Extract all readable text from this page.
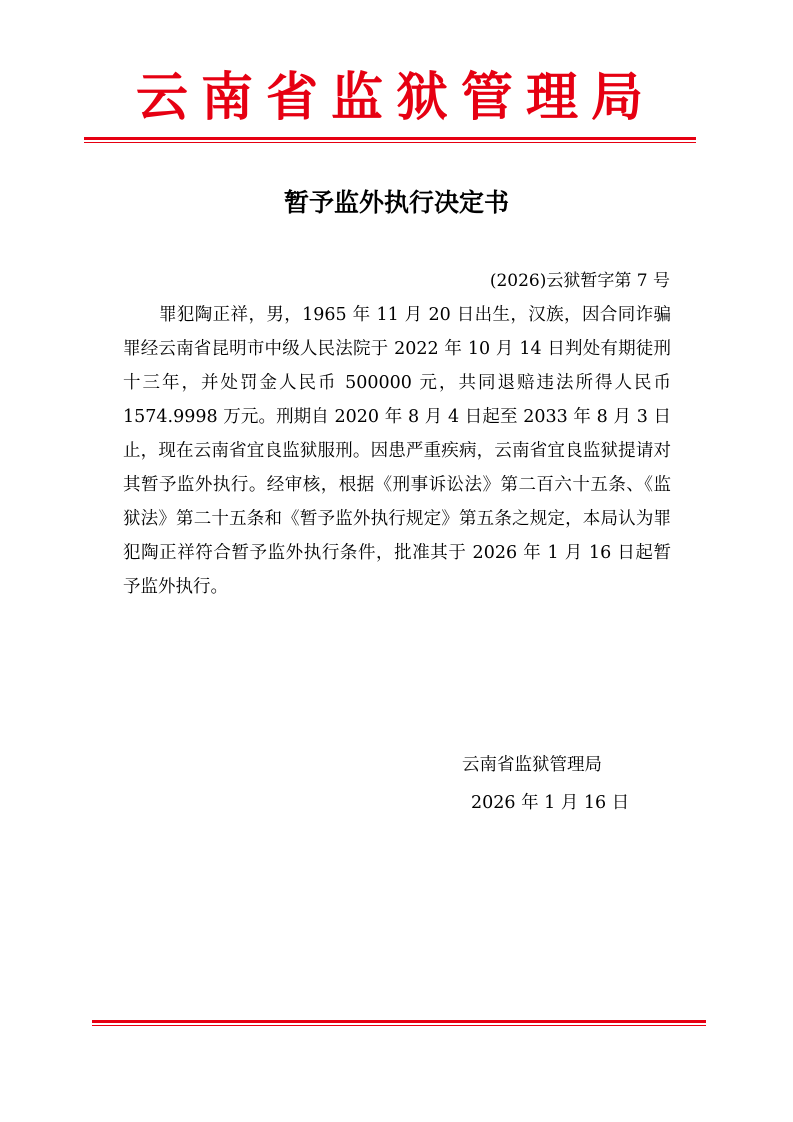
云南省监狱管理局
暂予监外执行决定书
(2026)云狱暂字第 7 号

罪犯陶正祥，男，1965 年 11 月 20 日出生，汉族，因合同诈骗罪经云南省昆明市中级人民法院于 2022 年 10 月 14 日判处有期徒刑十三年，并处罚金人民币 500000 元，共同退赔违法所得人民币 1574.9998 万元。刑期自 2020 年 8 月 4 日起至 2033 年 8 月 3 日止，现在云南省宜良监狱服刑。因患严重疾病，云南省宜良监狱提请对其暂予监外执行。经审核，根据《刑事诉讼法》第二百六十五条、《监狱法》第二十五条和《暂予监外执行规定》第五条之规定，本局认为罪犯陶正祥符合暂予监外执行条件，批准其于 2026 年 1 月 16 日起暂予监外执行。

云南省监狱管理局
2026 年 1 月 16 日
